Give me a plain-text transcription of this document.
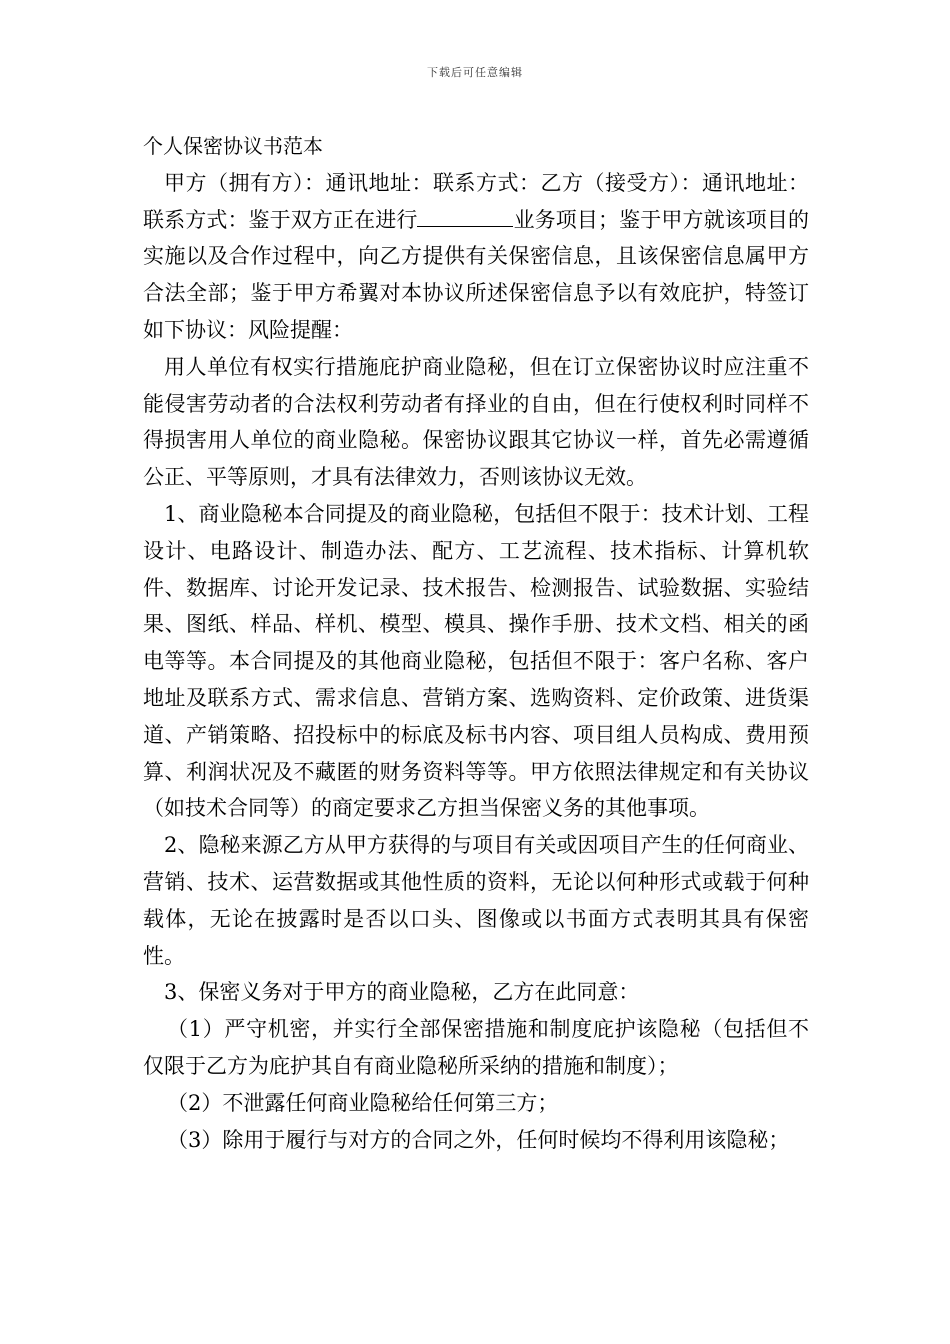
下载后可任意编辑

个人保密协议书范本

甲方（拥有方）：通讯地址：联系方式：乙方（接受方）：通讯地址：联系方式：鉴于双方正在进行	业务项目；鉴于甲方就该项目的实施以及合作过程中，向乙方提供有关保密信息，且该保密信息属甲方合法全部；鉴于甲方希翼对本协议所述保密信息予以有效庇护，特签订如下协议：风险提醒：

用人单位有权实行措施庇护商业隐秘，但在订立保密协议时应注重不能侵害劳动者的合法权利劳动者有择业的自由，但在行使权利时同样不得损害用人单位的商业隐秘。保密协议跟其它协议一样，首先必需遵循公正、平等原则，才具有法律效力，否则该协议无效。

1、商业隐秘本合同提及的商业隐秘，包括但不限于：技术计划、工程设计、电路设计、制造办法、配方、工艺流程、技术指标、计算机软件、数据库、讨论开发记录、技术报告、检测报告、试验数据、实验结果、图纸、样品、样机、模型、模具、操作手册、技术文档、相关的函电等等。本合同提及的其他商业隐秘，包括但不限于：客户名称、客户地址及联系方式、需求信息、营销方案、选购资料、定价政策、进货渠道、产销策略、招投标中的标底及标书内容、项目组人员构成、费用预算、利润状况及不藏匿的财务资料等等。甲方依照法律规定和有关协议（如技术合同等）的商定要求乙方担当保密义务的其他事项。

2、隐秘来源乙方从甲方获得的与项目有关或因项目产生的任何商业、营销、技术、运营数据或其他性质的资料，无论以何种形式或载于何种载体，无论在披露时是否以口头、图像或以书面方式表明其具有保密性。

3、保密义务对于甲方的商业隐秘，乙方在此同意：

（1）严守机密，并实行全部保密措施和制度庇护该隐秘（包括但不仅限于乙方为庇护其自有商业隐秘所采纳的措施和制度）；

（2）不泄露任何商业隐秘给任何第三方；

（3）除用于履行与对方的合同之外，任何时候均不得利用该隐秘；
